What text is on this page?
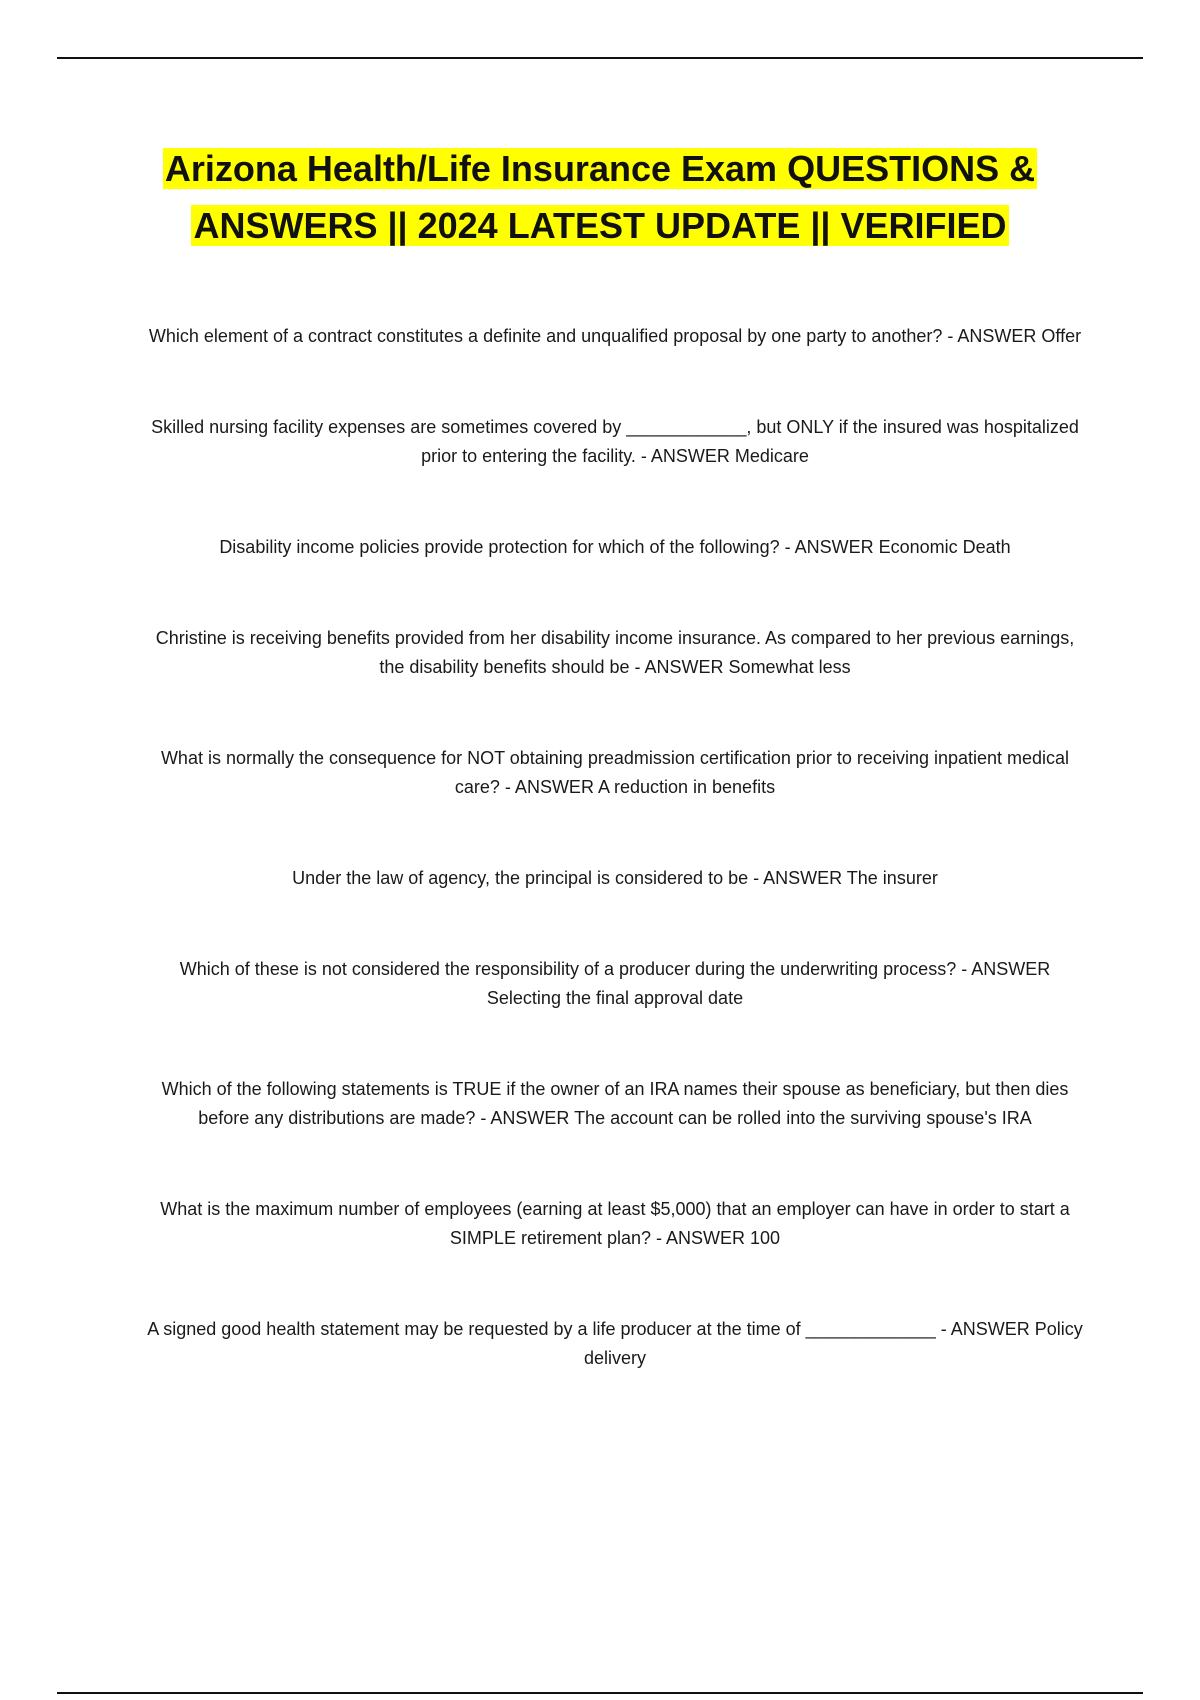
Arizona Health/Life Insurance Exam QUESTIONS &
ANSWERS || 2024 LATEST UPDATE || VERIFIED
Which element of a contract constitutes a definite and unqualified proposal by one party to another? - ANSWER Offer
Skilled nursing facility expenses are sometimes covered by ____________, but ONLY if the insured was hospitalized prior to entering the facility. - ANSWER Medicare
Disability income policies provide protection for which of the following? - ANSWER Economic Death
Christine is receiving benefits provided from her disability income insurance. As compared to her previous earnings, the disability benefits should be - ANSWER Somewhat less
What is normally the consequence for NOT obtaining preadmission certification prior to receiving inpatient medical care? - ANSWER A reduction in benefits
Under the law of agency, the principal is considered to be - ANSWER The insurer
Which of these is not considered the responsibility of a producer during the underwriting process? - ANSWER Selecting the final approval date
Which of the following statements is TRUE if the owner of an IRA names their spouse as beneficiary, but then dies before any distributions are made? - ANSWER The account can be rolled into the surviving spouse's IRA
What is the maximum number of employees (earning at least $5,000) that an employer can have in order to start a SIMPLE retirement plan? - ANSWER 100
A signed good health statement may be requested by a life producer at the time of _____________ - ANSWER Policy delivery
